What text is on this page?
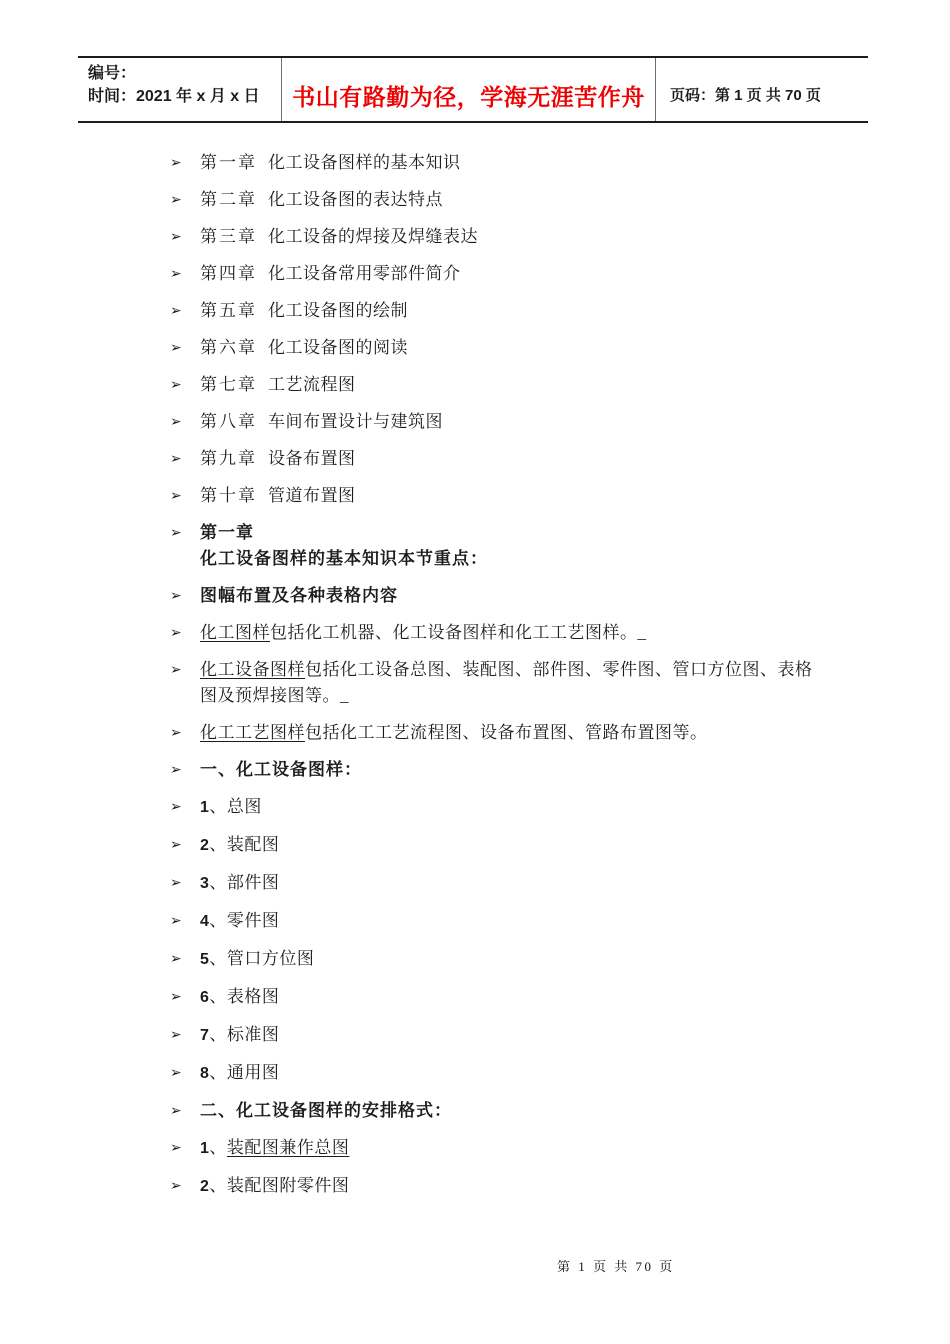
编号：
时间：2021 年 x 月 x 日	书山有路勤为径，学海无涯苦作舟 页码：第 1 页 共 70 页
➢	第一章 化工设备图样的基本知识
➢	第二章 化工设备图的表达特点
➢	第三章 化工设备的焊接及焊缝表达
➢	第四章 化工设备常用零部件简介
➢	第五章 化工设备图的绘制
➢	第六章 化工设备图的阅读
➢	第七章 工艺流程图
➢	第八章 车间布置设计与建筑图
➢	第九章 设备布置图
➢	第十章 管道布置图
➢	第一章
化工设备图样的基本知识本节重点：
➢	图幅布置及各种表格内容
➢	化工图样包括化工机器、化工设备图样和化工工艺图样。_
➢	化工设备图样包括化工设备总图、装配图、部件图、零件图、管口方位图、表格图及预焊接图等。_
➢	化工工艺图样包括化工工艺流程图、设备布置图、管路布置图等。
➢	一、化工设备图样：
➢	1、总图
➢	2、装配图
➢	3、部件图
➢	4、零件图
➢	5、管口方位图
➢	6、表格图
➢	7、标准图
➢	8、通用图
➢	二、化工设备图样的安排格式：
➢	1、装配图兼作总图
➢	2、装配图附零件图
第 1 页 共 70 页
